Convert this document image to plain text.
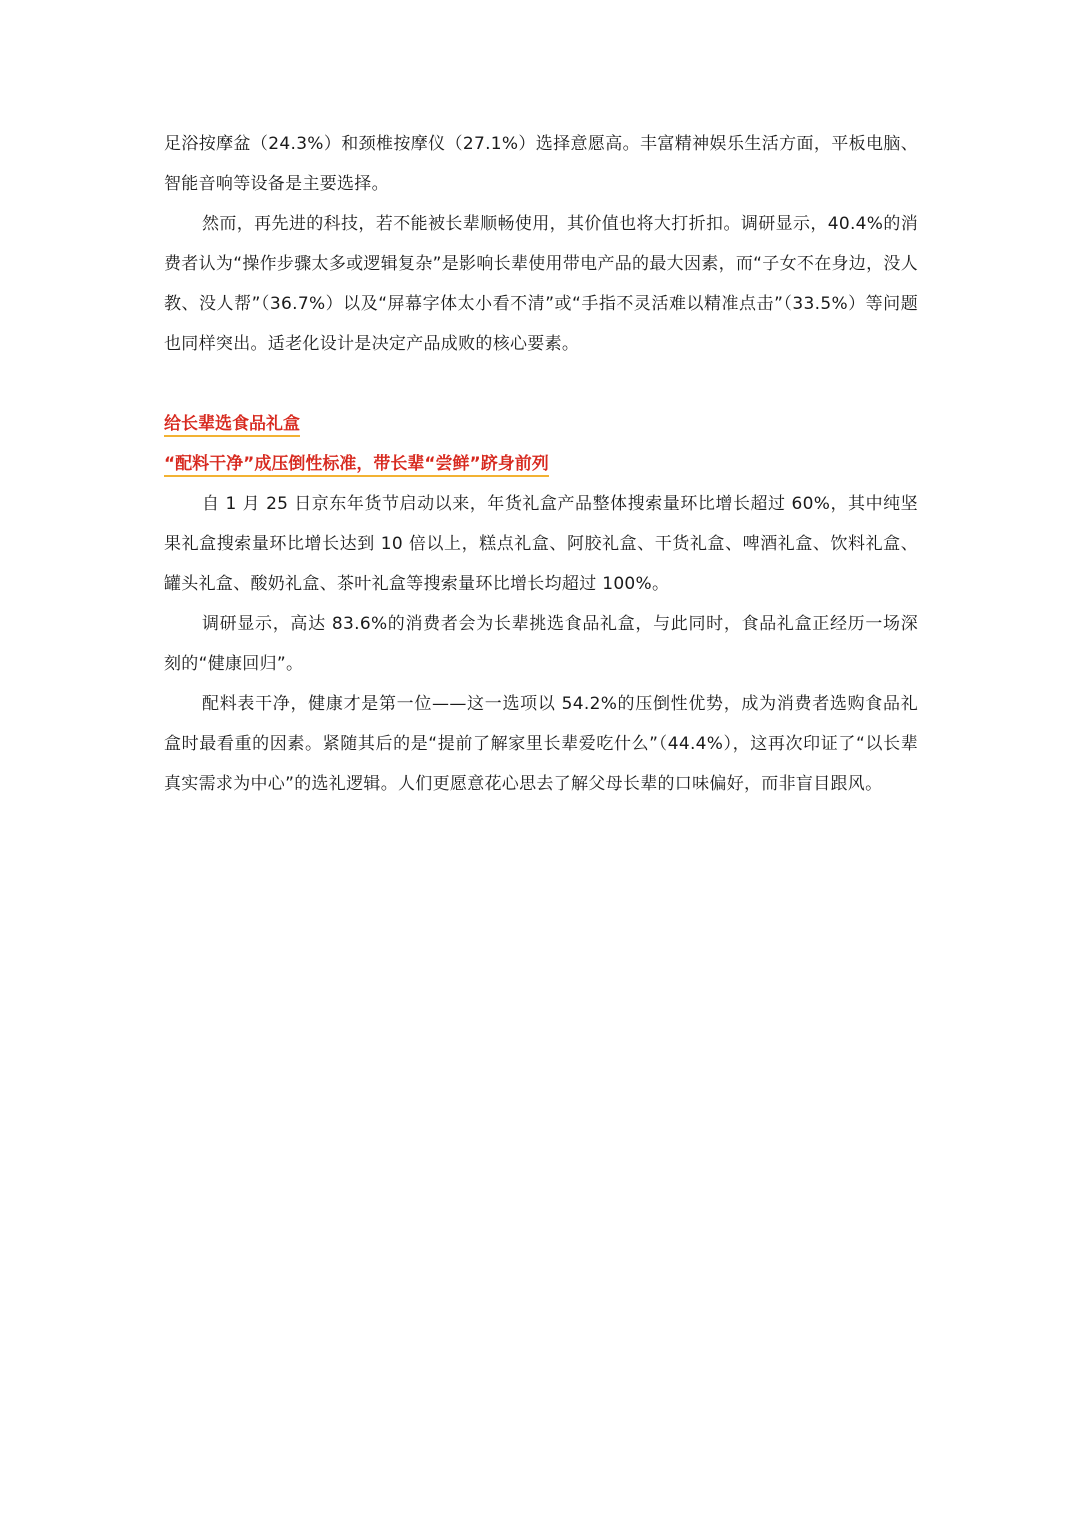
足浴按摩盆（24.3%）和颈椎按摩仪（27.1%）选择意愿高。丰富精神娱乐生活方面，平板电脑、智能音响等设备是主要选择。

然而，再先进的科技，若不能被长辈顺畅使用，其价值也将大打折扣。调研显示，40.4%的消费者认为“操作步骤太多或逻辑复杂”是影响长辈使用带电产品的最大因素，而“子女不在身边，没人教、没人帮”（36.7%）以及“屏幕字体太小看不清”或“手指不灵活难以精准点击”（33.5%）等问题也同样突出。适老化设计是决定产品成败的核心要素。

给长辈选食品礼盒

“配料干净”成压倒性标准，带长辈“尝鲜”跻身前列

自 1 月 25 日京东年货节启动以来，年货礼盒产品整体搜索量环比增长超过 60%，其中纯坚果礼盒搜索量环比增长达到 10 倍以上，糕点礼盒、阿胶礼盒、干货礼盒、啤酒礼盒、饮料礼盒、罐头礼盒、酸奶礼盒、茶叶礼盒等搜索量环比增长均超过 100%。

调研显示，高达 83.6%的消费者会为长辈挑选食品礼盒，与此同时，食品礼盒正经历一场深刻的“健康回归”。

配料表干净，健康才是第一位——这一选项以 54.2%的压倒性优势，成为消费者选购食品礼盒时最看重的因素。紧随其后的是“提前了解家里长辈爱吃什么”（44.4%），这再次印证了“以长辈真实需求为中心”的选礼逻辑。人们更愿意花心思去了解父母长辈的口味偏好，而非盲目跟风。
